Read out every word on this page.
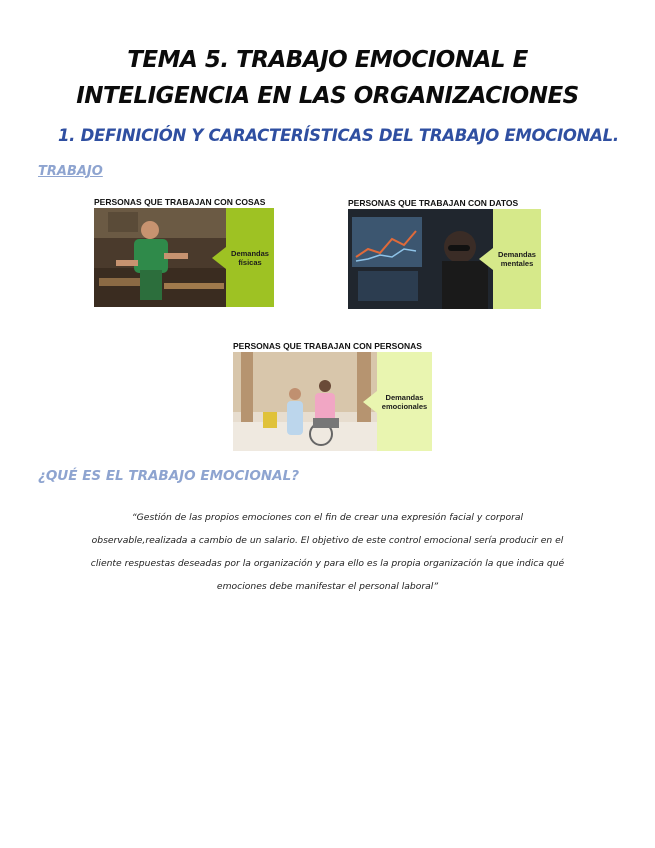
TEMA 5. TRABAJO EMOCIONAL E
INTELIGENCIA EN LAS ORGANIZACIONES
1. DEFINICIÓN Y CARACTERÍSTICAS DEL TRABAJO EMOCIONAL.
TRABAJO
PERSONAS QUE TRABAJAN CON COSAS
Demandas
físicas
PERSONAS QUE TRABAJAN CON DATOS
Demandas
mentales
PERSONAS QUE TRABAJAN CON PERSONAS
Demandas
emocionales
¿QUÉ ES EL TRABAJO EMOCIONAL?
“Gestión de las propios emociones con el fin de crear una expresión facial y corporal
observable,realizada a cambio de un salario. El objetivo de este control emocional sería producir en el
cliente respuestas deseadas por la organización y para ello es la propia organización la que indica qué
emociones debe manifestar el personal laboral”
